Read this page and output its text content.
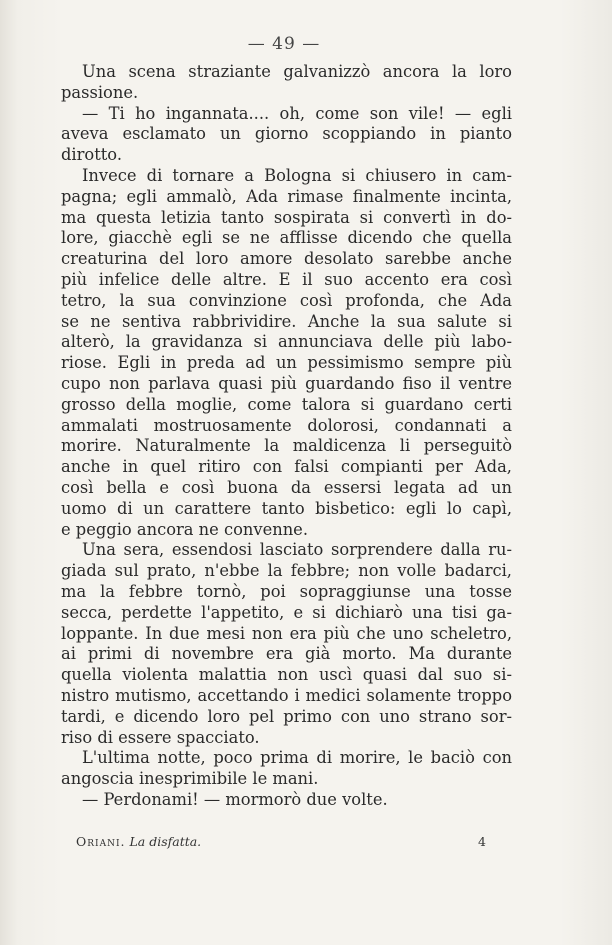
— 49 —
Una scena straziante galvanizzò ancora la loro
passione.
— Ti ho ingannata.... oh, come son vile! — egli
aveva esclamato un giorno scoppiando in pianto
dirotto.
Invece di tornare a Bologna si chiusero in cam-
pagna; egli ammalò, Ada rimase finalmente incinta,
ma questa letizia tanto sospirata si convertì in do-
lore, giacchè egli se ne afflisse dicendo che quella
creaturina del loro amore desolato sarebbe anche
più infelice delle altre. E il suo accento era così
tetro, la sua convinzione così profonda, che Ada
se ne sentiva rabbrividire. Anche la sua salute si
alterò, la gravidanza si annunciava delle più labo-
riose. Egli in preda ad un pessimismo sempre più
cupo non parlava quasi più guardando fiso il ventre
grosso della moglie, come talora si guardano certi
ammalati mostruosamente dolorosi, condannati a
morire. Naturalmente la maldicenza li perseguitò
anche in quel ritiro con falsi compianti per Ada,
così bella e così buona da essersi legata ad un
uomo di un carattere tanto bisbetico: egli lo capì,
e peggio ancora ne convenne.
Una sera, essendosi lasciato sorprendere dalla ru-
giada sul prato, n'ebbe la febbre; non volle badarci,
ma la febbre tornò, poi sopraggiunse una tosse
secca, perdette l'appetito, e si dichiarò una tisi ga-
loppante. In due mesi non era più che uno scheletro,
ai primi di novembre era già morto. Ma durante
quella violenta malattia non uscì quasi dal suo si-
nistro mutismo, accettando i medici solamente troppo
tardi, e dicendo loro pel primo con uno strano sor-
riso di essere spacciato.
L'ultima notte, poco prima di morire, le baciò con
angoscia inesprimibile le mani.
— Perdonami! — mormorò due volte.
Oriani. La disfatta.	4
